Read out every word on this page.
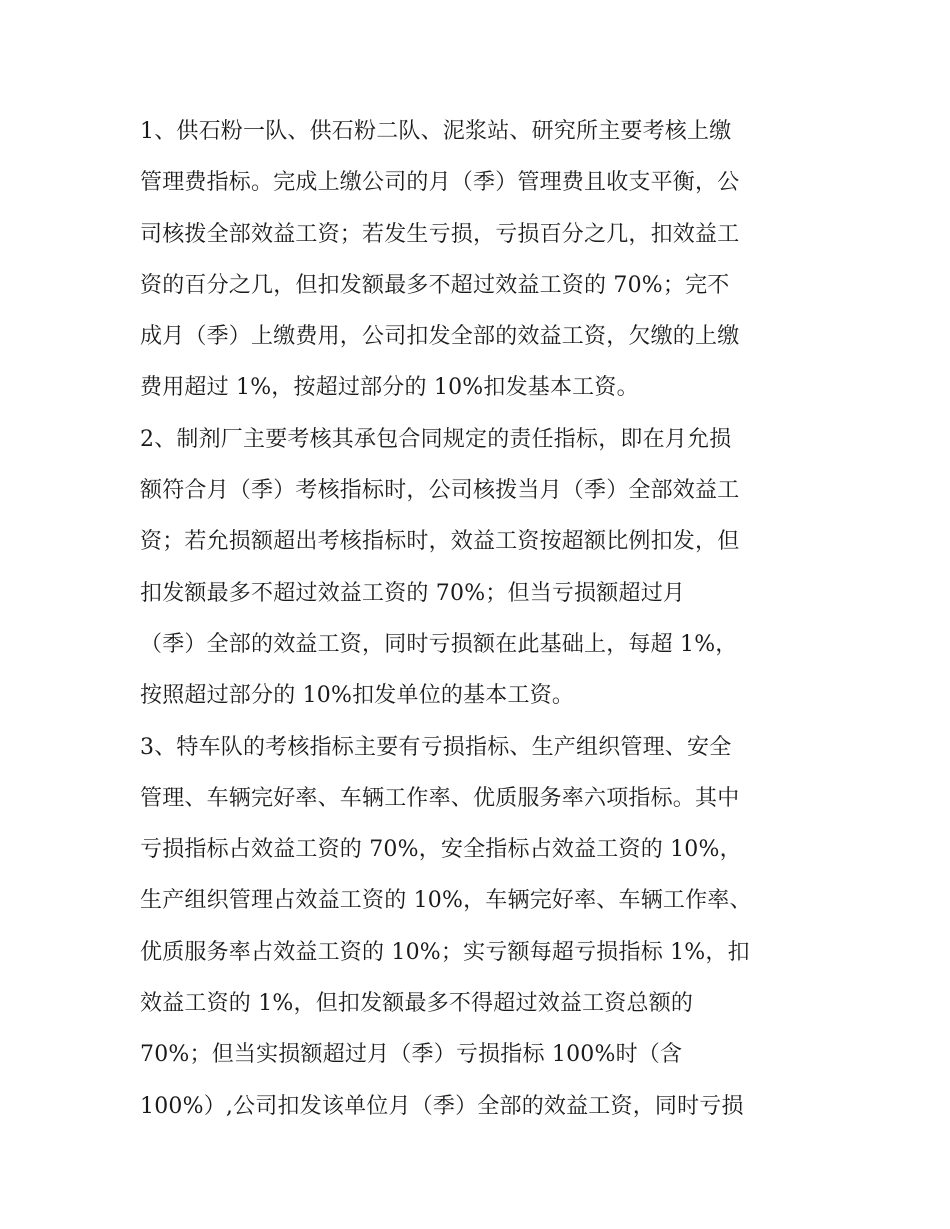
1、供石粉一队、供石粉二队、泥浆站、研究所主要考核上缴
管理费指标。完成上缴公司的月（季）管理费且收支平衡，公
司核拨全部效益工资；若发生亏损，亏损百分之几，扣效益工
资的百分之几，但扣发额最多不超过效益工资的 70%；完不
成月（季）上缴费用，公司扣发全部的效益工资，欠缴的上缴
费用超过 1%，按超过部分的 10%扣发基本工资。
2、制剂厂主要考核其承包合同规定的责任指标，即在月允损
额符合月（季）考核指标时，公司核拨当月（季）全部效益工
资；若允损额超出考核指标时，效益工资按超额比例扣发，但
扣发额最多不超过效益工资的 70%；但当亏损额超过月
（季）全部的效益工资，同时亏损额在此基础上，每超 1%，
按照超过部分的 10%扣发单位的基本工资。
3、特车队的考核指标主要有亏损指标、生产组织管理、安全
管理、车辆完好率、车辆工作率、优质服务率六项指标。其中
亏损指标占效益工资的 70%，安全指标占效益工资的 10%，
生产组织管理占效益工资的 10%，车辆完好率、车辆工作率、
优质服务率占效益工资的 10%；实亏额每超亏损指标 1%，扣
效益工资的 1%，但扣发额最多不得超过效益工资总额的
70%；但当实损额超过月（季）亏损指标 100%时（含
100%）,公司扣发该单位月（季）全部的效益工资，同时亏损
